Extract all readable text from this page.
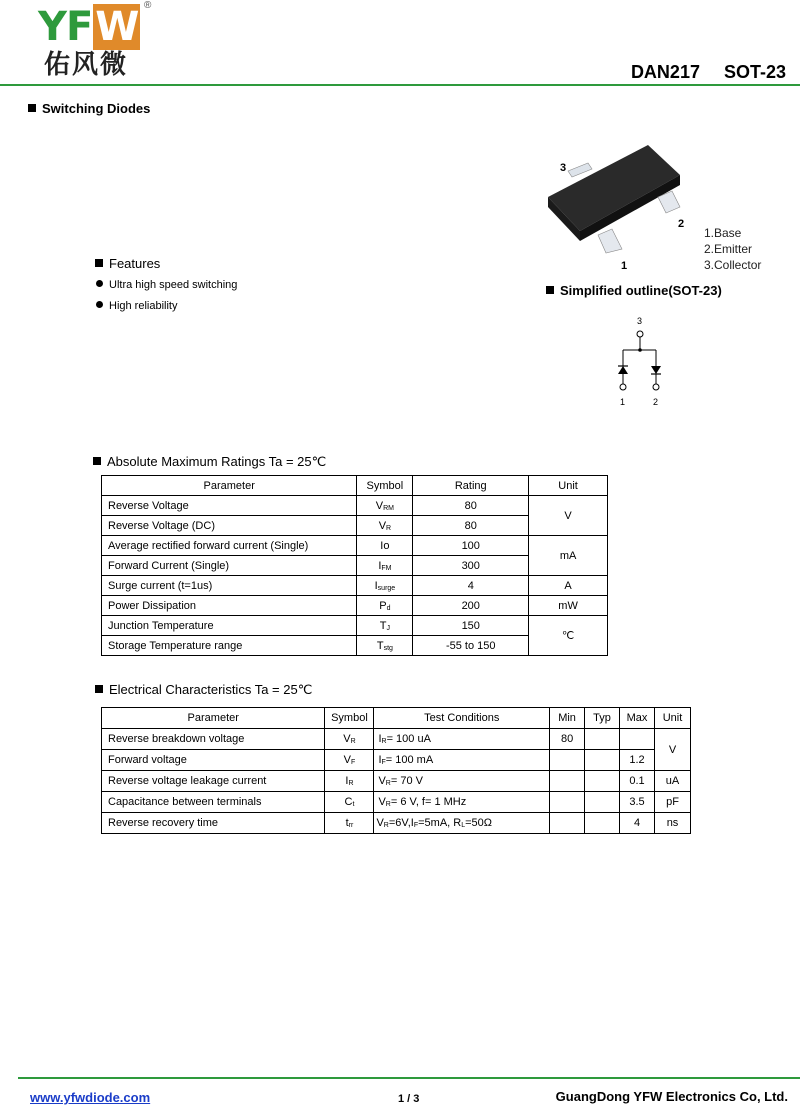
YFW ®
佑风微	DAN217 SOT-23
Switching Diodes
3
2
1
1.Base
2.Emitter
3.Collector
Features
Ultra high speed switching
High reliability
Simplified outline(SOT-23)
3
1	2
Absolute Maximum Ratings Ta = 25℃
Parameter	Symbol	Rating	Unit
Reverse Voltage	$V_{RM}$	80	V
Reverse Voltage (DC)	$V_R$	80	
Average rectified forward current (Single)	Io	100	mA
Forward Current (Single)	$I_{FM}$	300	
Surge current (t=1us)	$I_{surge}$	4	A
Power Dissipation	$P_d$	200	mW
Junction Temperature	$T_J$	150	℃
Storage Temperature range	$T_{stg}$	-55 to 150	
Electrical Characteristics Ta = 25℃
Parameter	Symbol	Test Conditions	Min	Typ	Max	Unit
Reverse breakdown voltage	$V_R$	$I_R= 100$ uA	80			V
Forward voltage	$V_F$	$I_F= 100$ mA			1.2	
Reverse voltage leakage current	$I_R$	$V_R= 70$ V			0.1	uA
Capacitance between terminals	$C_t$	$V_R= 6$ V, f= 1 MHz			3.5	pF
Reverse recovery time	$t_{rr}$	$V_R=6V,I_F=5mA$, $R_L=50\Omega$			4	ns
www.yfwdiode.com	1 / 3	GuangDong YFW Electronics Co, Ltd.
